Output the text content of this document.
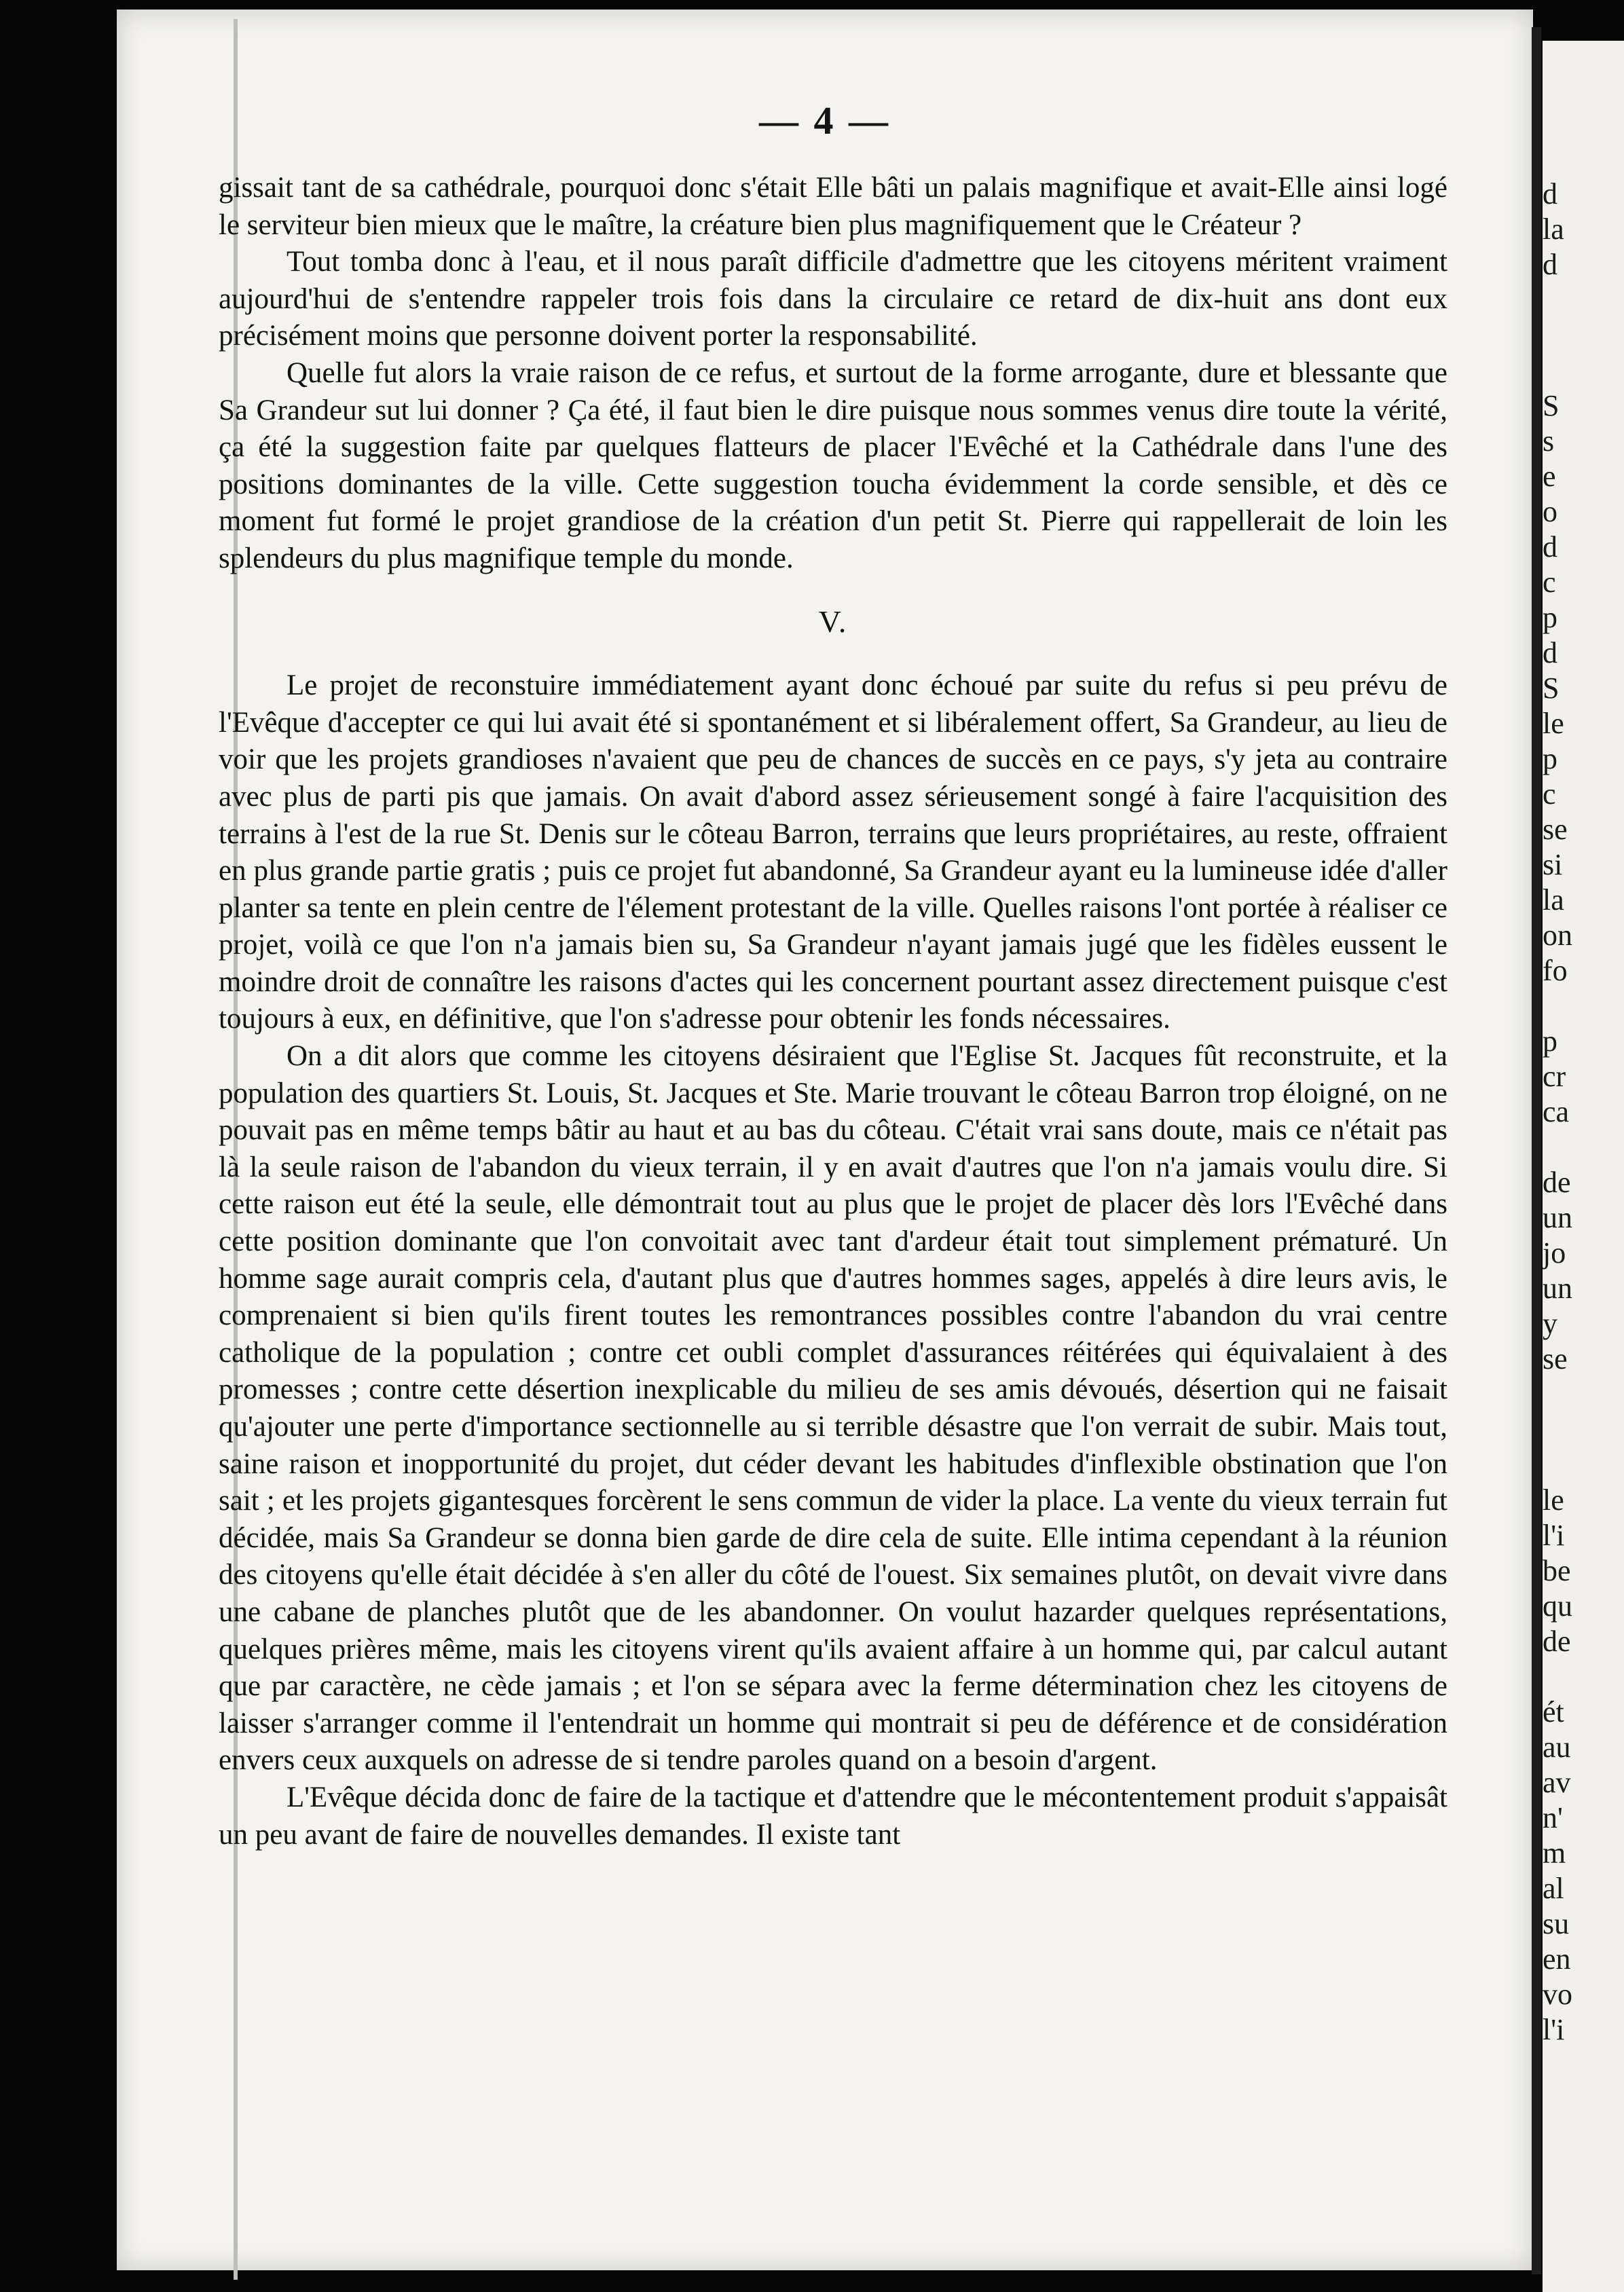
— 4 —

gissait tant de sa cathédrale, pourquoi donc s'était Elle bâti un palais magnifique et avait-Elle ainsi logé le serviteur bien mieux que le maître, la créature bien plus magnifiquement que le Créateur ?

Tout tomba donc à l'eau, et il nous paraît difficile d'admettre que les citoyens méritent vraiment aujourd'hui de s'entendre rappeler trois fois dans la circulaire ce retard de dix-huit ans dont eux précisément moins que personne doivent porter la responsabilité.

Quelle fut alors la vraie raison de ce refus, et surtout de la forme arrogante, dure et blessante que Sa Grandeur sut lui donner ? Ça été, il faut bien le dire puisque nous sommes venus dire toute la vérité, ça été la suggestion faite par quelques flatteurs de placer l'Evêché et la Cathédrale dans l'une des positions dominantes de la ville. Cette suggestion toucha évidemment la corde sensible, et dès ce moment fut formé le projet grandiose de la création d'un petit St. Pierre qui rappellerait de loin les splendeurs du plus magnifique temple du monde.

V.

Le projet de reconstuire immédiatement ayant donc échoué par suite du refus si peu prévu de l'Evêque d'accepter ce qui lui avait été si spontanément et si libéralement offert, Sa Grandeur, au lieu de voir que les projets grandioses n'avaient que peu de chances de succès en ce pays, s'y jeta au contraire avec plus de parti pis que jamais. On avait d'abord assez sérieusement songé à faire l'acquisition des terrains à l'est de la rue St. Denis sur le côteau Barron, terrains que leurs propriétaires, au reste, offraient en plus grande partie gratis ; puis ce projet fut abandonné, Sa Grandeur ayant eu la lumineuse idée d'aller planter sa tente en plein centre de l'élement protestant de la ville. Quelles raisons l'ont portée à réaliser ce projet, voilà ce que l'on n'a jamais bien su, Sa Grandeur n'ayant jamais jugé que les fidèles eussent le moindre droit de connaître les raisons d'actes qui les concernent pourtant assez directement puisque c'est toujours à eux, en définitive, que l'on s'adresse pour obtenir les fonds nécessaires.

On a dit alors que comme les citoyens désiraient que l'Eglise St. Jacques fût reconstruite, et la population des quartiers St. Louis, St. Jacques et Ste. Marie trouvant le côteau Barron trop éloigné, on ne pouvait pas en même temps bâtir au haut et au bas du côteau. C'était vrai sans doute, mais ce n'était pas là la seule raison de l'abandon du vieux terrain, il y en avait d'autres que l'on n'a jamais voulu dire. Si cette raison eut été la seule, elle démontrait tout au plus que le projet de placer dès lors l'Evêché dans cette position dominante que l'on convoitait avec tant d'ardeur était tout simplement prématuré. Un homme sage aurait compris cela, d'autant plus que d'autres hommes sages, appelés à dire leurs avis, le comprenaient si bien qu'ils firent toutes les remontrances possibles contre l'abandon du vrai centre catholique de la population ; contre cet oubli complet d'assurances réitérées qui équivalaient à des promesses ; contre cette désertion inexplicable du milieu de ses amis dévoués, désertion qui ne faisait qu'ajouter une perte d'importance sectionnelle au si terrible désastre que l'on verrait de subir. Mais tout, saine raison et inopportunité du projet, dut céder devant les habitudes d'inflexible obstination que l'on sait ; et les projets gigantesques forcèrent le sens commun de vider la place. La vente du vieux terrain fut décidée, mais Sa Grandeur se donna bien garde de dire cela de suite. Elle intima cependant à la réunion des citoyens qu'elle était décidée à s'en aller du côté de l'ouest. Six semaines plutôt, on devait vivre dans une cabane de planches plutôt que de les abandonner. On voulut hazarder quelques représentations, quelques prières même, mais les citoyens virent qu'ils avaient affaire à un homme qui, par calcul autant que par caractère, ne cède jamais ; et l'on se sépara avec la ferme détermination chez les citoyens de laisser s'arranger comme il l'entendrait un homme qui montrait si peu de déférence et de considération envers ceux auxquels on adresse de si tendre paroles quand on a besoin d'argent.

L'Evêque décida donc de faire de la tactique et d'attendre que le mécontentement produit s'appaisât un peu avant de faire de nouvelles demandes. Il existe tant

d
la
d

S
s
e
o
d
c
p
d
S
le
p
c
se
si
la
on
fo

p
cr
ca

de
un
jo
un
y
se

le
l'i
be
qu
de

ét
au
av
n'
m
al
su
en
vo
l'i
